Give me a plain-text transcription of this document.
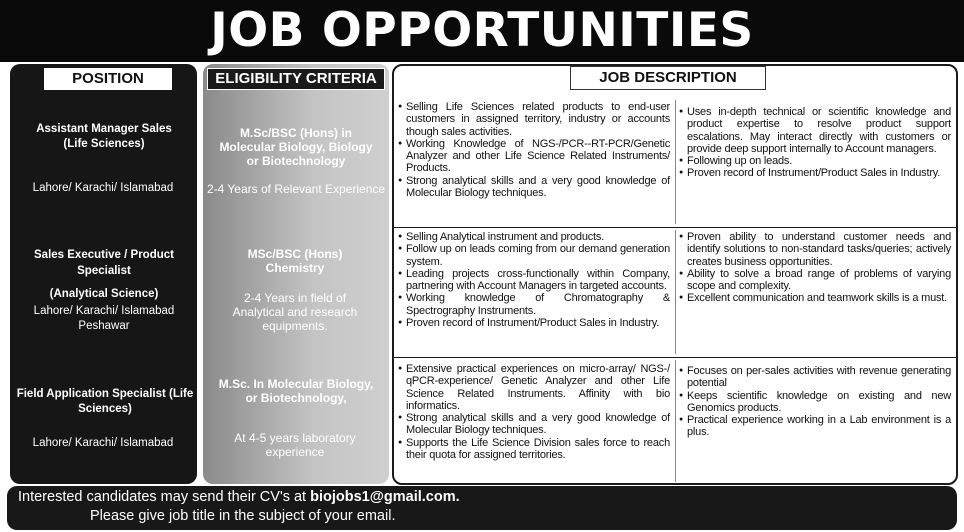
JOB OPPORTUNITIES
POSITION	ELIGIBILITY CRITERIA	JOB DESCRIPTION
Assistant Manager Sales (Life Sciences)
Lahore/ Karachi/ Islamabad
M.Sc/BSC (Hons) in Molecular Biology, Biology or Biotechnology
2-4 Years of Relevant Experience
Sales Executive / Product Specialist
(Analytical Science)
Lahore/ Karachi/ Islamabad Peshawar
MSc/BSC (Hons) Chemistry
2-4 Years in field of Analytical and research equipments.
Field Application Specialist (Life Sciences)
Lahore/ Karachi/ Islamabad
M.Sc. In Molecular Biology, or Biotechnology,
At 4-5 years laboratory experience
● Selling Life Sciences related products to end-user customers in assigned territory, industry or accounts though sales activities.
● Working Knowledge of NGS-/PCR--RT-PCR/Genetic Analyzer and other Life Science Related Instruments/ Products.
● Strong analytical skills and a very good knowledge of Molecular Biology techniques.
● Uses in-depth technical or scientific knowledge and product expertise to resolve product support escalations. May interact directly with customers or provide deep support internally to Account managers.
● Following up on leads.
● Proven record of Instrument/Product Sales in Industry.
● Selling Analytical instrument and products.
● Follow up on leads coming from our demand generation system.
● Leading projects cross-functionally within Company, partnering with Account Managers in targeted accounts.
● Working knowledge of Chromatography & Spectrography Instruments.
● Proven record of Instrument/Product Sales in Industry.
● Proven ability to understand customer needs and identify solutions to non-standard tasks/queries; actively creates business opportunities.
● Ability to solve a broad range of problems of varying scope and complexity.
● Excellent communication and teamwork skills is a must.
● Extensive practical experiences on micro-array/ NGS-/ qPCR-experience/ Genetic Analyzer and other Life Science Related Instruments. Affinity with bio informatics.
● Strong analytical skills and a very good knowledge of Molecular Biology techniques.
● Supports the Life Science Division sales force to reach their quota for assigned territories.
● Focuses on per-sales activities with revenue generating potential
● Keeps scientific knowledge on existing and new Genomics products.
● Practical experience working in a Lab environment is a plus.
Interested candidates may send their CV's at biojobs1@gmail.com.
Please give job title in the subject of your email.
